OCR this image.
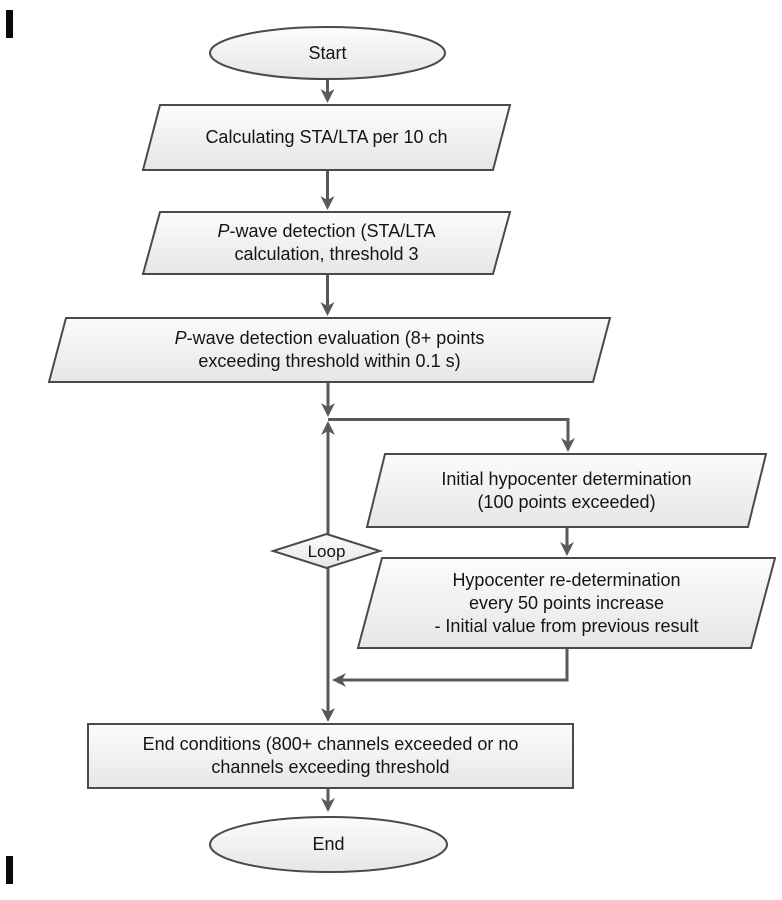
Start
Calculating STA/LTA per 10 ch
P-wave detection (STA/LTA
calculation, threshold 3
P-wave detection evaluation (8+ points
exceeding threshold within 0.1 s)
Initial hypocenter determination
(100 points exceeded)
Loop
Hypocenter re-determination
every 50 points increase
- Initial value from previous result
End conditions (800+ channels exceeded or no
channels exceeding threshold
End
